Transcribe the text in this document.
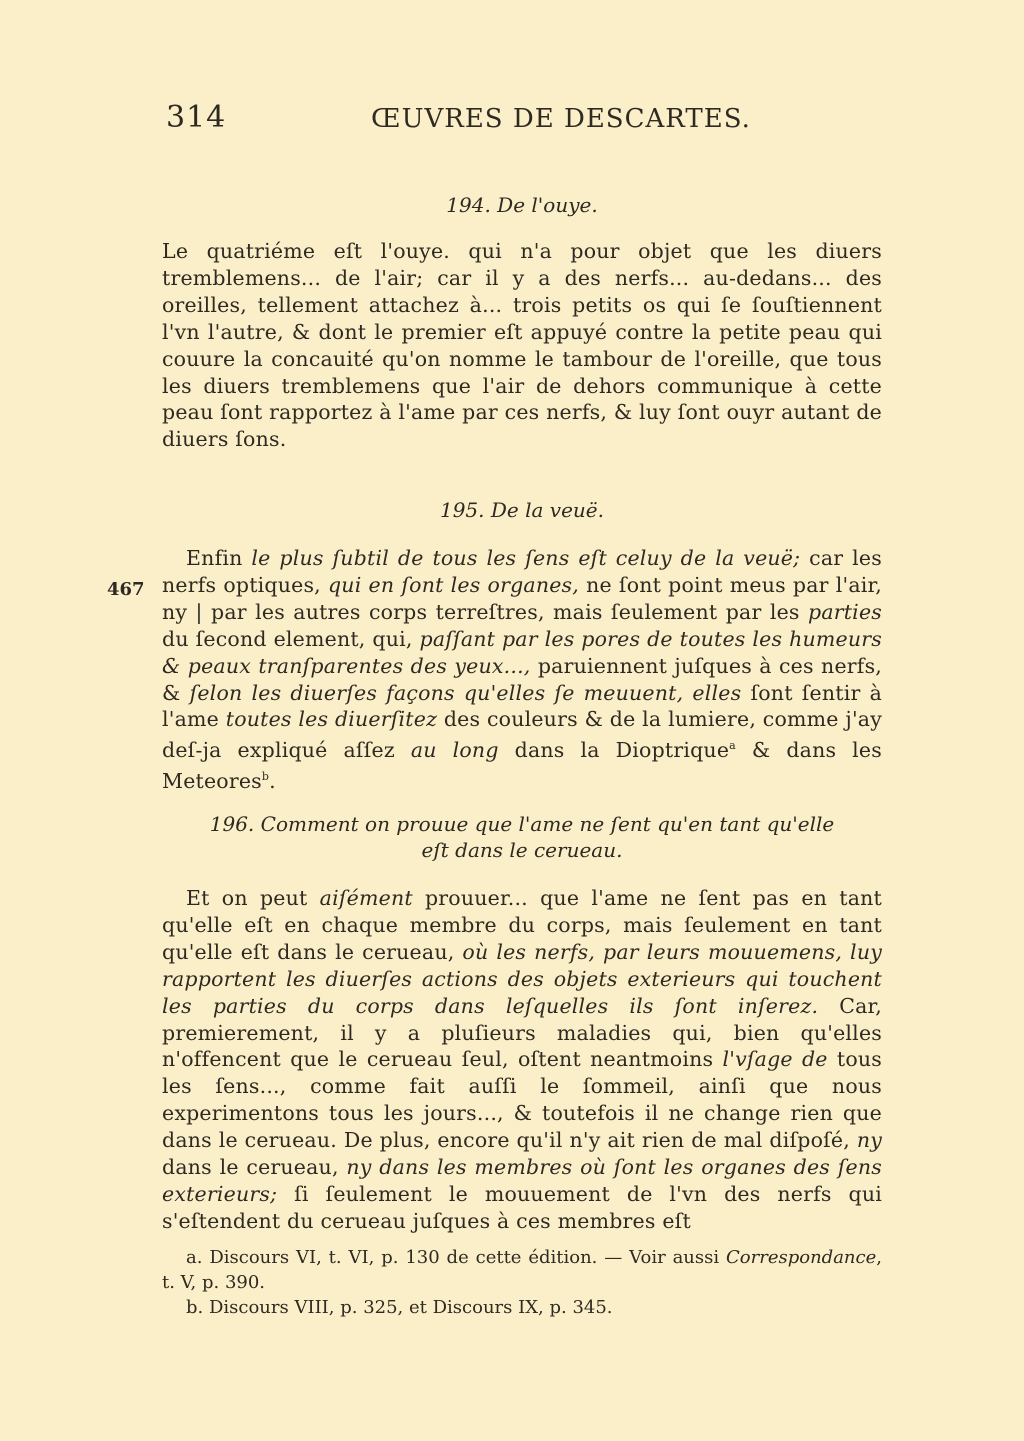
314	ŒUVRES DE DESCARTES.

194. De l'ouye.

Le quatriéme eſt l'ouye. qui n'a pour objet que les diuers tremblemens... de l'air; car il y a des nerfs... au-dedans... des oreilles, tellement attachez à... trois petits os qui ſe ſouſtiennent l'vn l'autre, & dont le premier eſt appuyé contre la petite peau qui couure la concauité qu'on nomme le tambour de l'oreille, que tous les diuers tremblemens que l'air de dehors communique à cette peau ſont rapportez à l'ame par ces nerfs, & luy ſont ouyr autant de diuers ſons.

195. De la veuë.

Enfin le plus ſubtil de tous les ſens eſt celuy de la veuë; car les nerfs optiques, qui en ſont les organes, ne ſont point meus par l'air, ny | par les autres corps terreſtres, mais ſeulement par les parties du ſecond element, qui, paſſant par les pores de toutes les humeurs & peaux tranſparentes des yeux..., paruiennent juſques à ces nerfs, & ſelon les diuerſes façons qu'elles ſe meuuent, elles ſont ſentir à l'ame toutes les diuerſitez des couleurs & de la lumiere, comme j'ay deſ-ja expliqué aſſez au long dans la Dioptrique$^a$ & dans les Meteores$^b$.

467

196. Comment on prouue que l'ame ne ſent qu'en tant qu'elle eſt dans le cerueau.

Et on peut aiſément prouuer... que l'ame ne ſent pas en tant qu'elle eſt en chaque membre du corps, mais ſeulement en tant qu'elle eſt dans le cerueau, où les nerfs, par leurs mouuemens, luy rapportent les diuerſes actions des objets exterieurs qui touchent les parties du corps dans leſquelles ils ſont inſerez. Car, premierement, il y a pluſieurs maladies qui, bien qu'elles n'offencent que le cerueau ſeul, oſtent neantmoins l'vſage de tous les ſens..., comme fait auſſi le ſommeil, ainſi que nous experimentons tous les jours..., & toutefois il ne change rien que dans le cerueau. De plus, encore qu'il n'y ait rien de mal diſpoſé, ny dans le cerueau, ny dans les membres où ſont les organes des ſens exterieurs; ſi ſeulement le mouuement de l'vn des nerfs qui s'eſtendent du cerueau juſques à ces membres eſt

a. Discours VI, t. VI, p. 130 de cette édition. — Voir aussi Correspondance, t. V, p. 390.

b. Discours VIII, p. 325, et Discours IX, p. 345.
